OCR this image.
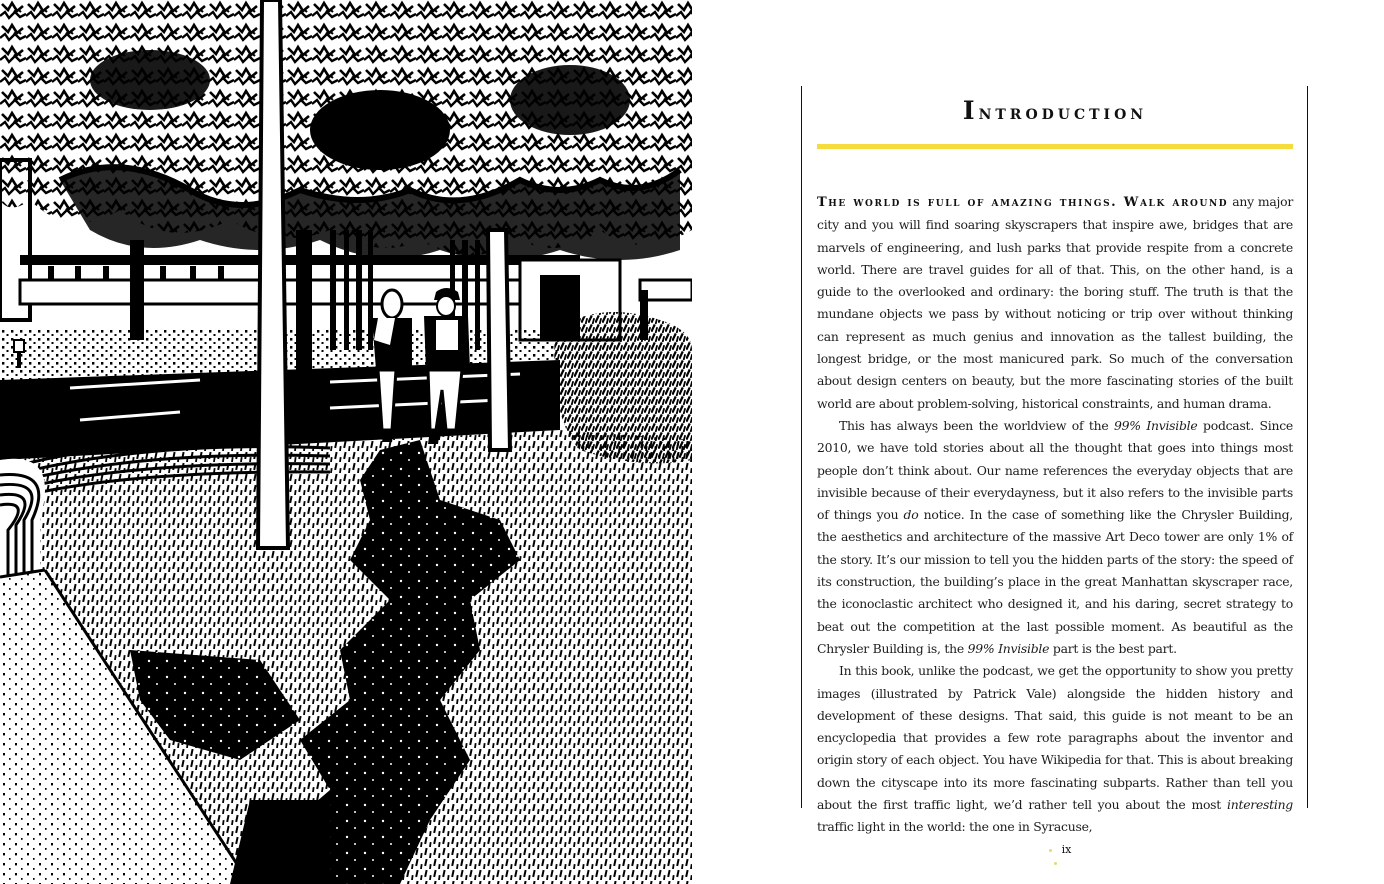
Introduction

The world is full of amazing things. Walk around any major city and you will find soaring skyscrapers that inspire awe, bridges that are marvels of engineering, and lush parks that provide respite from a concrete world. There are travel guides for all of that. This, on the other hand, is a guide to the overlooked and ordinary: the boring stuff. The truth is that the mundane objects we pass by without noticing or trip over without thinking can represent as much genius and innovation as the tallest building, the longest bridge, or the most manicured park. So much of the conversation about design centers on beauty, but the more fascinating stories of the built world are about problem-solving, historical constraints, and human drama.

This has always been the worldview of the 99% Invisible podcast. Since 2010, we have told stories about all the thought that goes into things most people don’t think about. Our name references the everyday objects that are invisible because of their everydayness, but it also refers to the invisible parts of things you do notice. In the case of something like the Chrysler Building, the aesthetics and architecture of the massive Art Deco tower are only 1% of the story. It’s our mission to tell you the hidden parts of the story: the speed of its construction, the building’s place in the great Manhattan skyscraper race, the iconoclastic architect who designed it, and his daring, secret strategy to beat out the competition at the last possible moment. As beautiful as the Chrysler Building is, the 99% Invisible part is the best part.

In this book, unlike the podcast, we get the opportunity to show you pretty images (illustrated by Patrick Vale) alongside the hidden history and development of these designs. That said, this guide is not meant to be an encyclopedia that provides a few rote paragraphs about the inventor and origin story of each object. You have Wikipedia for that. This is about breaking down the cityscape into its more fascinating subparts. Rather than tell you about the first traffic light, we’d rather tell you about the most interesting traffic light in the world: the one in Syracuse,

ix
